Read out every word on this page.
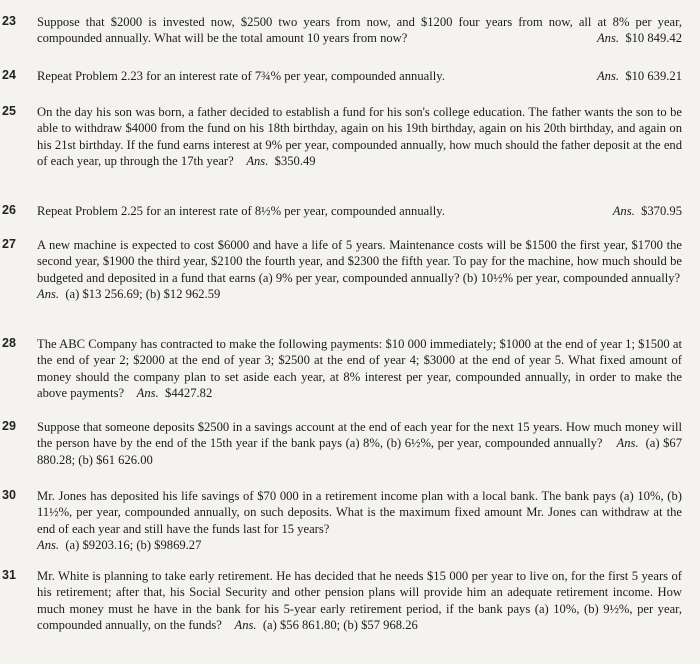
23 Suppose that $2000 is invested now, $2500 two years from now, and $1200 four years from now, all at 8% per year, compounded annually. What will be the total amount 10 years from now?	Ans. $10 849.42
24 Repeat Problem 2.23 for an interest rate of 7¾% per year, compounded annually.	Ans. $10 639.21
25 On the day his son was born, a father decided to establish a fund for his son's college education. The father wants the son to be able to withdraw $4000 from the fund on his 18th birthday, again on his 19th birthday, again on his 20th birthday, and again on his 21st birthday. If the fund earns interest at 9% per year, compounded annually, how much should the father deposit at the end of each year, up through the 17th year? Ans. $350.49
26 Repeat Problem 2.25 for an interest rate of 8½% per year, compounded annually.	Ans. $370.95
27 A new machine is expected to cost $6000 and have a life of 5 years. Maintenance costs will be $1500 the first year, $1700 the second year, $1900 the third year, $2100 the fourth year, and $2300 the fifth year. To pay for the machine, how much should be budgeted and deposited in a fund that earns (a) 9% per year, compounded annually? (b) 10½% per year, compounded annually?
Ans. (a) $13 256.69; (b) $12 962.59
28 The ABC Company has contracted to make the following payments: $10 000 immediately; $1000 at the end of year 1; $1500 at the end of year 2; $2000 at the end of year 3; $2500 at the end of year 4; $3000 at the end of year 5. What fixed amount of money should the company plan to set aside each year, at 8% interest per year, compounded annually, in order to make the above payments? Ans. $4427.82
29 Suppose that someone deposits $2500 in a savings account at the end of each year for the next 15 years. How much money will the person have by the end of the 15th year if the bank pays (a) 8%, (b) 6½%, per year, compounded annually? Ans. (a) $67 880.28; (b) $61 626.00
30 Mr. Jones has deposited his life savings of $70 000 in a retirement income plan with a local bank. The bank pays (a) 10%, (b) 11½%, per year, compounded annually, on such deposits. What is the maximum fixed amount Mr. Jones can withdraw at the end of each year and still have the funds last for 15 years?
Ans. (a) $9203.16; (b) $9869.27
31 Mr. White is planning to take early retirement. He has decided that he needs $15 000 per year to live on, for the first 5 years of his retirement; after that, his Social Security and other pension plans will provide him an adequate retirement income. How much money must he have in the bank for his 5-year early retirement period, if the bank pays (a) 10%, (b) 9½%, per year, compounded annually, on the funds? Ans. (a) $56 861.80; (b) $57 968.26
